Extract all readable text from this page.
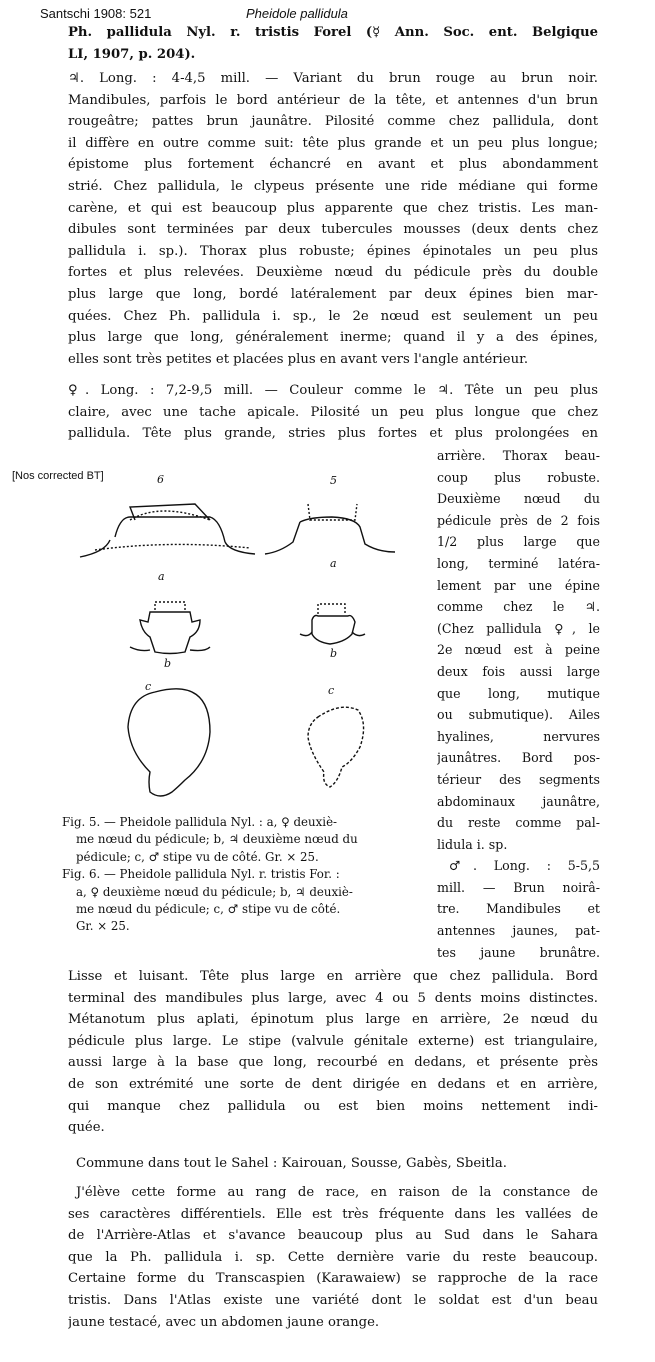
Santschi 1908: 521	Pheidole pallidula
Ph. pallidula Nyl. r. tristis Forel (☿ Ann. Soc. ent. Belgique
LI, 1907, p. 204).
♃. Long. : 4-4,5 mill. — Variant du brun rouge au brun noir.
Mandibules, parfois le bord antérieur de la tête, et antennes d'un brun
rougeâtre; pattes brun jaunâtre. Pilosité comme chez pallidula, dont
il diffère en outre comme suit: tête plus grande et un peu plus longue;
épistome plus fortement échancré en avant et plus abondamment
strié. Chez pallidula, le clypeus présente une ride médiane qui forme
carène, et qui est beaucoup plus apparente que chez tristis. Les man-
dibules sont terminées par deux tubercules mousses (deux dents chez
pallidula i. sp.). Thorax plus robuste; épines épinotales un peu plus
fortes et plus relevées. Deuxième nœud du pédicule près du double
plus large que long, bordé latéralement par deux épines bien mar-
quées. Chez Ph. pallidula i. sp., le 2e nœud est seulement un peu
plus large que long, généralement inerme; quand il y a des épines,
elles sont très petites et placées plus en avant vers l'angle antérieur.
♀. Long. : 7,2-9,5 mill. — Couleur comme le ♃. Tête un peu plus
claire, avec une tache apicale. Pilosité un peu plus longue que chez
pallidula. Tête plus grande, stries plus fortes et plus prolongées en
[Nos corrected BT]
arrière. Thorax beau-
coup plus robuste.
Deuxième nœud du
pédicule près de 2 fois
1/2 plus large que
long, terminé latéra-
lement par une épine
comme chez le ♃.
(Chez pallidula ♀, le
2e nœud est à peine
deux fois aussi large
que long, mutique
ou submutique). Ailes
hyalines, nervures
jaunâtres. Bord pos-
térieur des segments
abdominaux jaunâtre,
du reste comme pal-
lidula i. sp.
♂. Long. : 5-5,5
mill. — Brun noirâ-
tre. Mandibules et
antennes jaunes, pat-
tes jaune brunâtre.
6	5
a
a
b
b
c	c
Fig. 5. — Pheidole pallidula Nyl. : a, ♀ deuxiè-
me nœud du pédicule; b, ♃ deuxième nœud du
pédicule; c, ♂ stipe vu de côté. Gr. × 25.
Fig. 6. — Pheidole pallidula Nyl. r. tristis For. :
a, ♀ deuxième nœud du pédicule; b, ♃ deuxiè-
me nœud du pédicule; c, ♂ stipe vu de côté.
Gr. × 25.
Lisse et luisant. Tête plus large en arrière que chez pallidula. Bord
terminal des mandibules plus large, avec 4 ou 5 dents moins distinctes.
Métanotum plus aplati, épinotum plus large en arrière, 2e nœud du
pédicule plus large. Le stipe (valvule génitale externe) est triangulaire,
aussi large à la base que long, recourbé en dedans, et présente près
de son extrémité une sorte de dent dirigée en dedans et en arrière,
qui manque chez pallidula ou est bien moins nettement indi-
quée.
Commune dans tout le Sahel : Kairouan, Sousse, Gabès, Sbeitla.
J'élève cette forme au rang de race, en raison de la constance de
ses caractères différentiels. Elle est très fréquente dans les vallées de
de l'Arrière-Atlas et s'avance beaucoup plus au Sud dans le Sahara
que la Ph. pallidula i. sp. Cette dernière varie du reste beaucoup.
Certaine forme du Transcaspien (Karawaiew) se rapproche de la race
tristis. Dans l'Atlas existe une variété dont le soldat est d'un beau
jaune testacé, avec un abdomen jaune orange.
